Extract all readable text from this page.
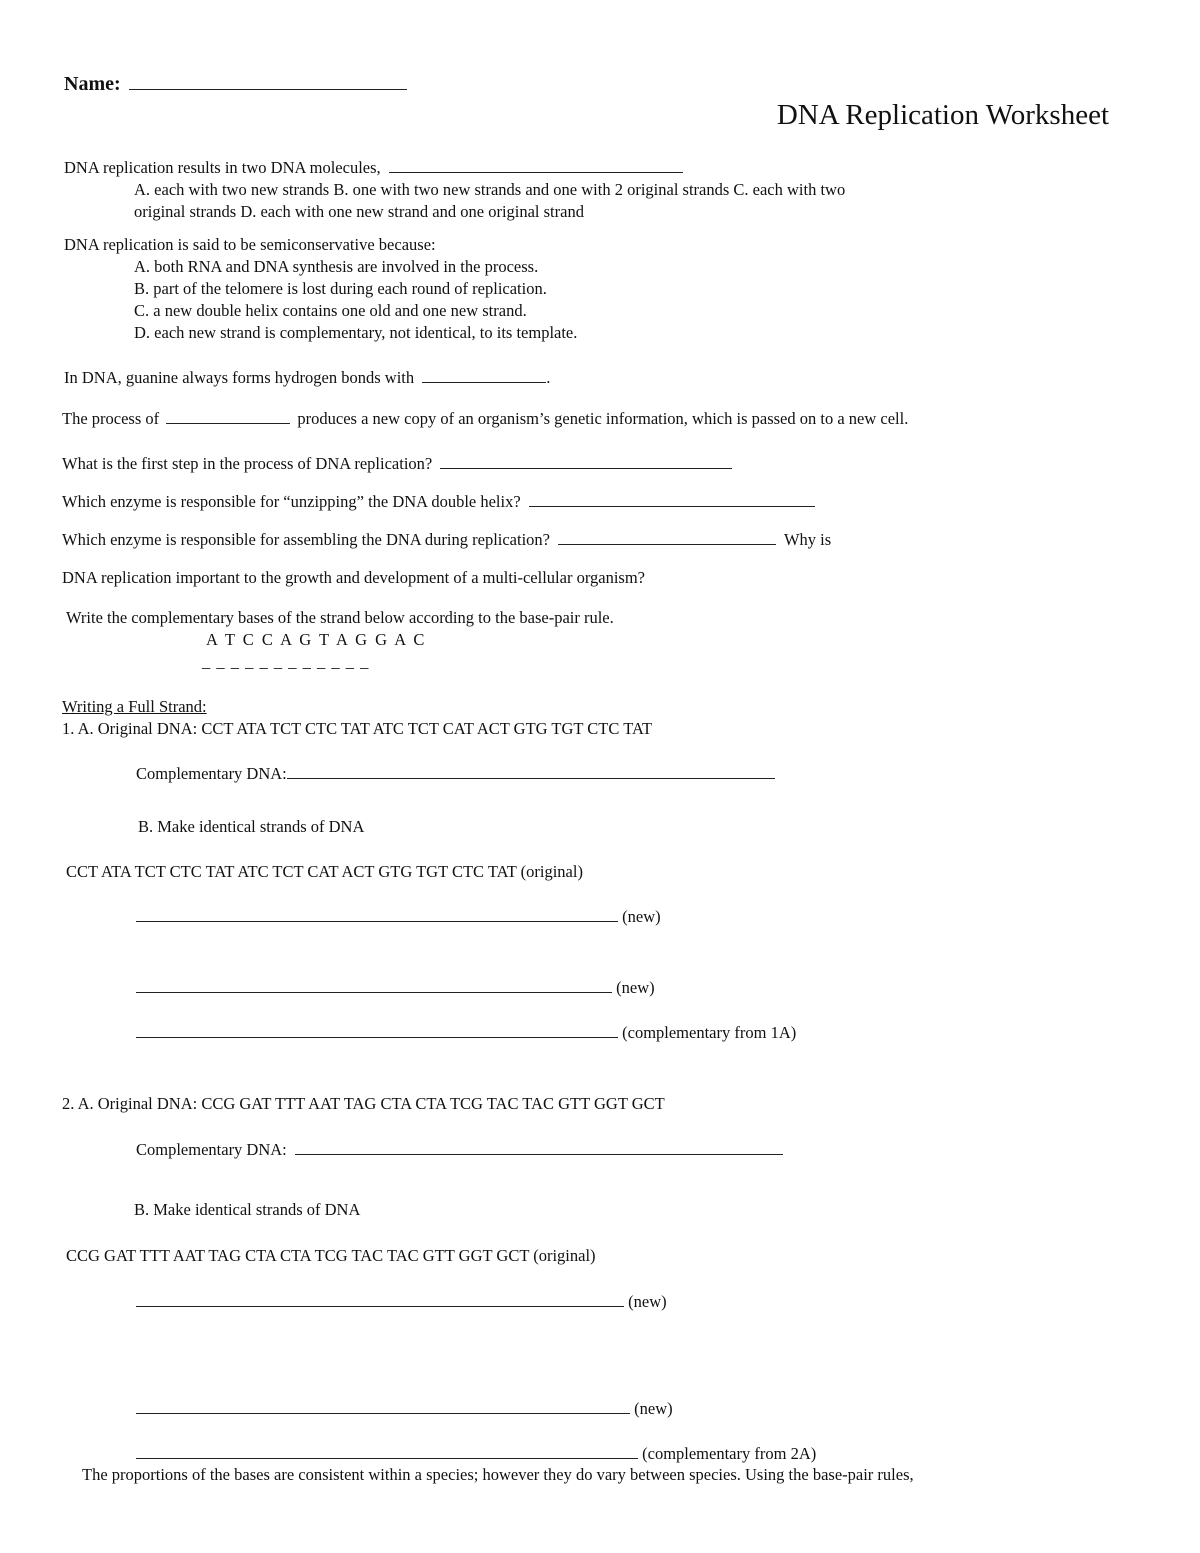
Name:
DNA Replication Worksheet
DNA replication results in two DNA molecules,
A. each with two new strands B. one with two new strands and one with 2 original strands C. each with two
original strands D. each with one new strand and one original strand
DNA replication is said to be semiconservative because:
A. both RNA and DNA synthesis are involved in the process.
B. part of the telomere is lost during each round of replication.
C. a new double helix contains one old and one new strand.
D. each new strand is complementary, not identical, to its template.
In DNA, guanine always forms hydrogen bonds with	.
The process of	produces a new copy of an organism’s genetic information, which is passed on to a new cell.
What is the first step in the process of DNA replication?
Which enzyme is responsible for “unzipping” the DNA double helix?
Which enzyme is responsible for assembling the DNA during replication?	Why is
DNA replication important to the growth and development of a multi-cellular organism?
Write the complementary bases of the strand below according to the base-pair rule.
A T C C A G T A G G A C
_ _ _ _ _ _ _ _ _ _ _ _
Writing a Full Strand:
1. A. Original DNA: CCT ATA TCT CTC TAT ATC TCT CAT ACT GTG TGT CTC TAT
Complementary DNA:
B. Make identical strands of DNA
CCT ATA TCT CTC TAT ATC TCT CAT ACT GTG TGT CTC TAT (original)
(new)
(new)
(complementary from 1A)
2. A. Original DNA: CCG GAT TTT AAT TAG CTA CTA TCG TAC TAC GTT GGT GCT
Complementary DNA:
B. Make identical strands of DNA
CCG GAT TTT AAT TAG CTA CTA TCG TAC TAC GTT GGT GCT (original)
(new)
(new)
(complementary from 2A)
The proportions of the bases are consistent within a species; however they do vary between species. Using the base-pair rules,
